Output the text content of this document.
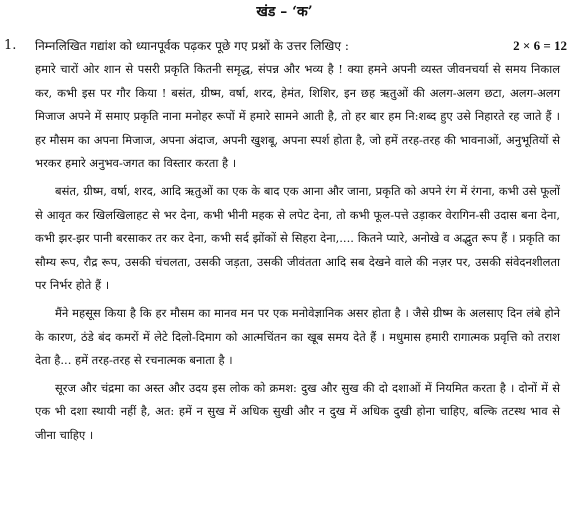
खंड – ‘क’
1. निम्नलिखित गद्यांश को ध्यानपूर्वक पढ़कर पूछे गए प्रश्नों के उत्तर लिखिए :	2 × 6 = 12

हमारे चारों ओर शान से पसरी प्रकृति कितनी समृद्ध, संपन्न और भव्य है ! क्या हमने अपनी व्यस्त जीवनचर्या से समय निकाल कर, कभी इस पर गौर किया ! बसंत, ग्रीष्म, वर्षा, शरद, हेमंत, शिशिर, इन छह ऋतुओं की अलग-अलग छटा, अलग-अलग मिजाज अपने में समाए प्रकृति नाना मनोहर रूपों में हमारे सामने आती है, तो हर बार हम नि:शब्द हुए उसे निहारते रह जाते हैं । हर मौसम का अपना मिजाज, अपना अंदाज, अपनी खुशबू, अपना स्पर्श होता है, जो हमें तरह-तरह की भावनाओं, अनुभूतियों से भरकर हमारे अनुभव-जगत का विस्तार करता है ।

बसंत, ग्रीष्म, वर्षा, शरद, आदि ऋतुओं का एक के बाद एक आना और जाना, प्रकृति को अपने रंग में रंगना, कभी उसे फूलों से आवृत कर खिलखिलाहट से भर देना, कभी भीनी महक से लपेट देना, तो कभी फूल-पत्ते उड़ाकर वेरागिन-सी उदास बना देना, कभी झर-झर पानी बरसाकर तर कर देना, कभी सर्द झोंकों से सिहरा देना,.... कितने प्यारे, अनोखे व अद्भुत रूप हैं । प्रकृति का सौम्य रूप, रौद्र रूप, उसकी चंचलता, उसकी जड़ता, उसकी जीवंतता आदि सब देखने वाले की नज़र पर, उसकी संवेदनशीलता पर निर्भर होते हैं ।

मैंने महसूस किया है कि हर मौसम का मानव मन पर एक मनोवेज्ञानिक असर होता है । जैसे ग्रीष्म के अलसाए दिन लंबे होने के कारण, ठंडे बंद कमरों में लेटे दिलो-दिमाग को आत्मचिंतन का खूब समय देते हैं । मधुमास हमारी रागात्मक प्रवृत्ति को तराश देता है... हमें तरह-तरह से रचनात्मक बनाता है ।

सूरज और चंद्रमा का अस्त और उदय इस लोक को क्रमश: दुख और सुख की दो दशाओं में नियमित करता है । दोनों में से एक भी दशा स्थायी नहीं है, अत: हमें न सुख में अधिक सुखी और न दुख में अधिक दुखी होना चाहिए, बल्कि तटस्थ भाव से जीना चाहिए ।
